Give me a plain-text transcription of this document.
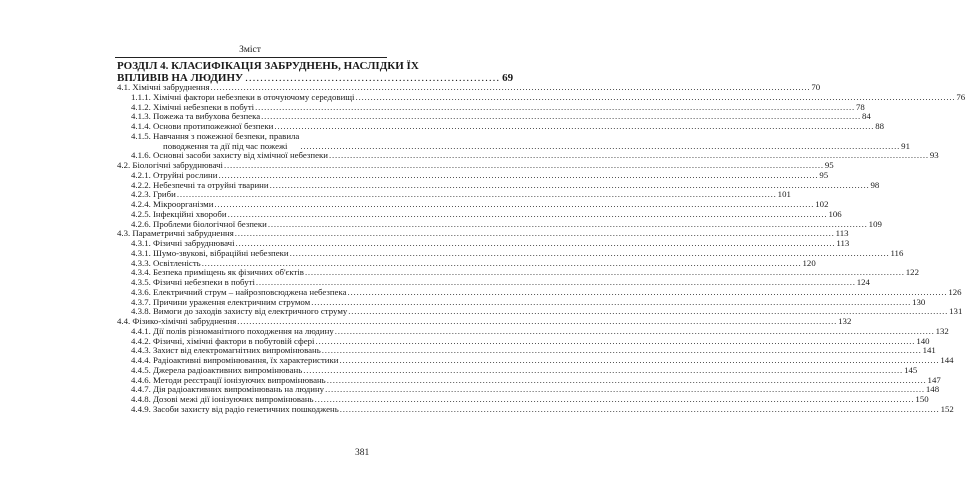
Зміст
РОЗДІЛ 4. КЛАСИФІКАЦІЯ ЗАБРУДНЕНЬ, НАСЛІДКИ ЇХ
ВПЛИВІВ НА ЛЮДИНУ .................................................................... 69
4.1. Хімічні забруднення ........................................................................................................................................................................................................ 70
1.1.1. Хімічні фактори небезпеки в оточуючому середовищі ........................................................................................................................................................................................................ 76
4.1.2. Хімічні небезпеки в побуті ........................................................................................................................................................................................................ 78
4.1.3. Пожежа та вибухова безпека ........................................................................................................................................................................................................ 84
4.1.4. Основи протипожежної безпеки ........................................................................................................................................................................................................ 88
4.1.5. Навчання з пожежної безпеки, правила
поводження та дії під час пожежі	........................................................................................................................................................................................................ 91
4.1.6. Основні засоби захисту від хімічної небезпеки ........................................................................................................................................................................................................ 93
4.2. Біологічні забруднювачі ........................................................................................................................................................................................................ 95
4.2.1. Отруйні рослини ........................................................................................................................................................................................................ 95
4.2.2. Небезпечні та отруйні тварини ........................................................................................................................................................................................................ 98
4.2.3. Гриби ........................................................................................................................................................................................................ 101
4.2.4. Мікроорганізми ........................................................................................................................................................................................................ 102
4.2.5. Інфекційні хвороби ........................................................................................................................................................................................................ 106
4.2.6. Проблеми біологічної безпеки ........................................................................................................................................................................................................ 109
4.3. Параметричні забруднення ........................................................................................................................................................................................................ 113
4.3.1. Фізичні забруднювачі ........................................................................................................................................................................................................ 113
4.3.1. Шумо-звукові, вібраційні небезпеки ........................................................................................................................................................................................................ 116
4.3.3. Освітленість ........................................................................................................................................................................................................ 120
4.3.4. Безпека приміщень як фізичних об'єктів ........................................................................................................................................................................................................ 122
4.3.5. Фізичні небезпеки в побуті ........................................................................................................................................................................................................ 124
4.3.6. Електричний струм – найрозповсюджена небезпека ........................................................................................................................................................................................................ 126
4.3.7. Причини ураження електричним струмом ........................................................................................................................................................................................................ 130
4.3.8. Вимоги до заходів захисту від електричного струму ........................................................................................................................................................................................................ 131
4.4. Фізико-хімічні забруднення ........................................................................................................................................................................................................ 132
4.4.1. Дії полів різноманітного походження на людину ........................................................................................................................................................................................................ 132
4.4.2. Фізичні, хімічні фактори в побутовій сфері ........................................................................................................................................................................................................ 140
4.4.3. Захист від електромагнітних випромінювань ........................................................................................................................................................................................................ 141
4.4.4. Радіоактивні випромінювання, їх характеристики ........................................................................................................................................................................................................ 144
4.4.5. Джерела радіоактивних випромінювань ........................................................................................................................................................................................................ 145
4.4.6. Методи реєстрації іонізуючих випромінювань ........................................................................................................................................................................................................ 147
4.4.7. Дія радіоактивних випромінювань на людину ........................................................................................................................................................................................................ 148
4.4.8. Дозові межі дії іонізуючих випромінювань ........................................................................................................................................................................................................ 150
4.4.9. Засоби захисту від радіо генетичних пошкоджень ........................................................................................................................................................................................................ 152
381
